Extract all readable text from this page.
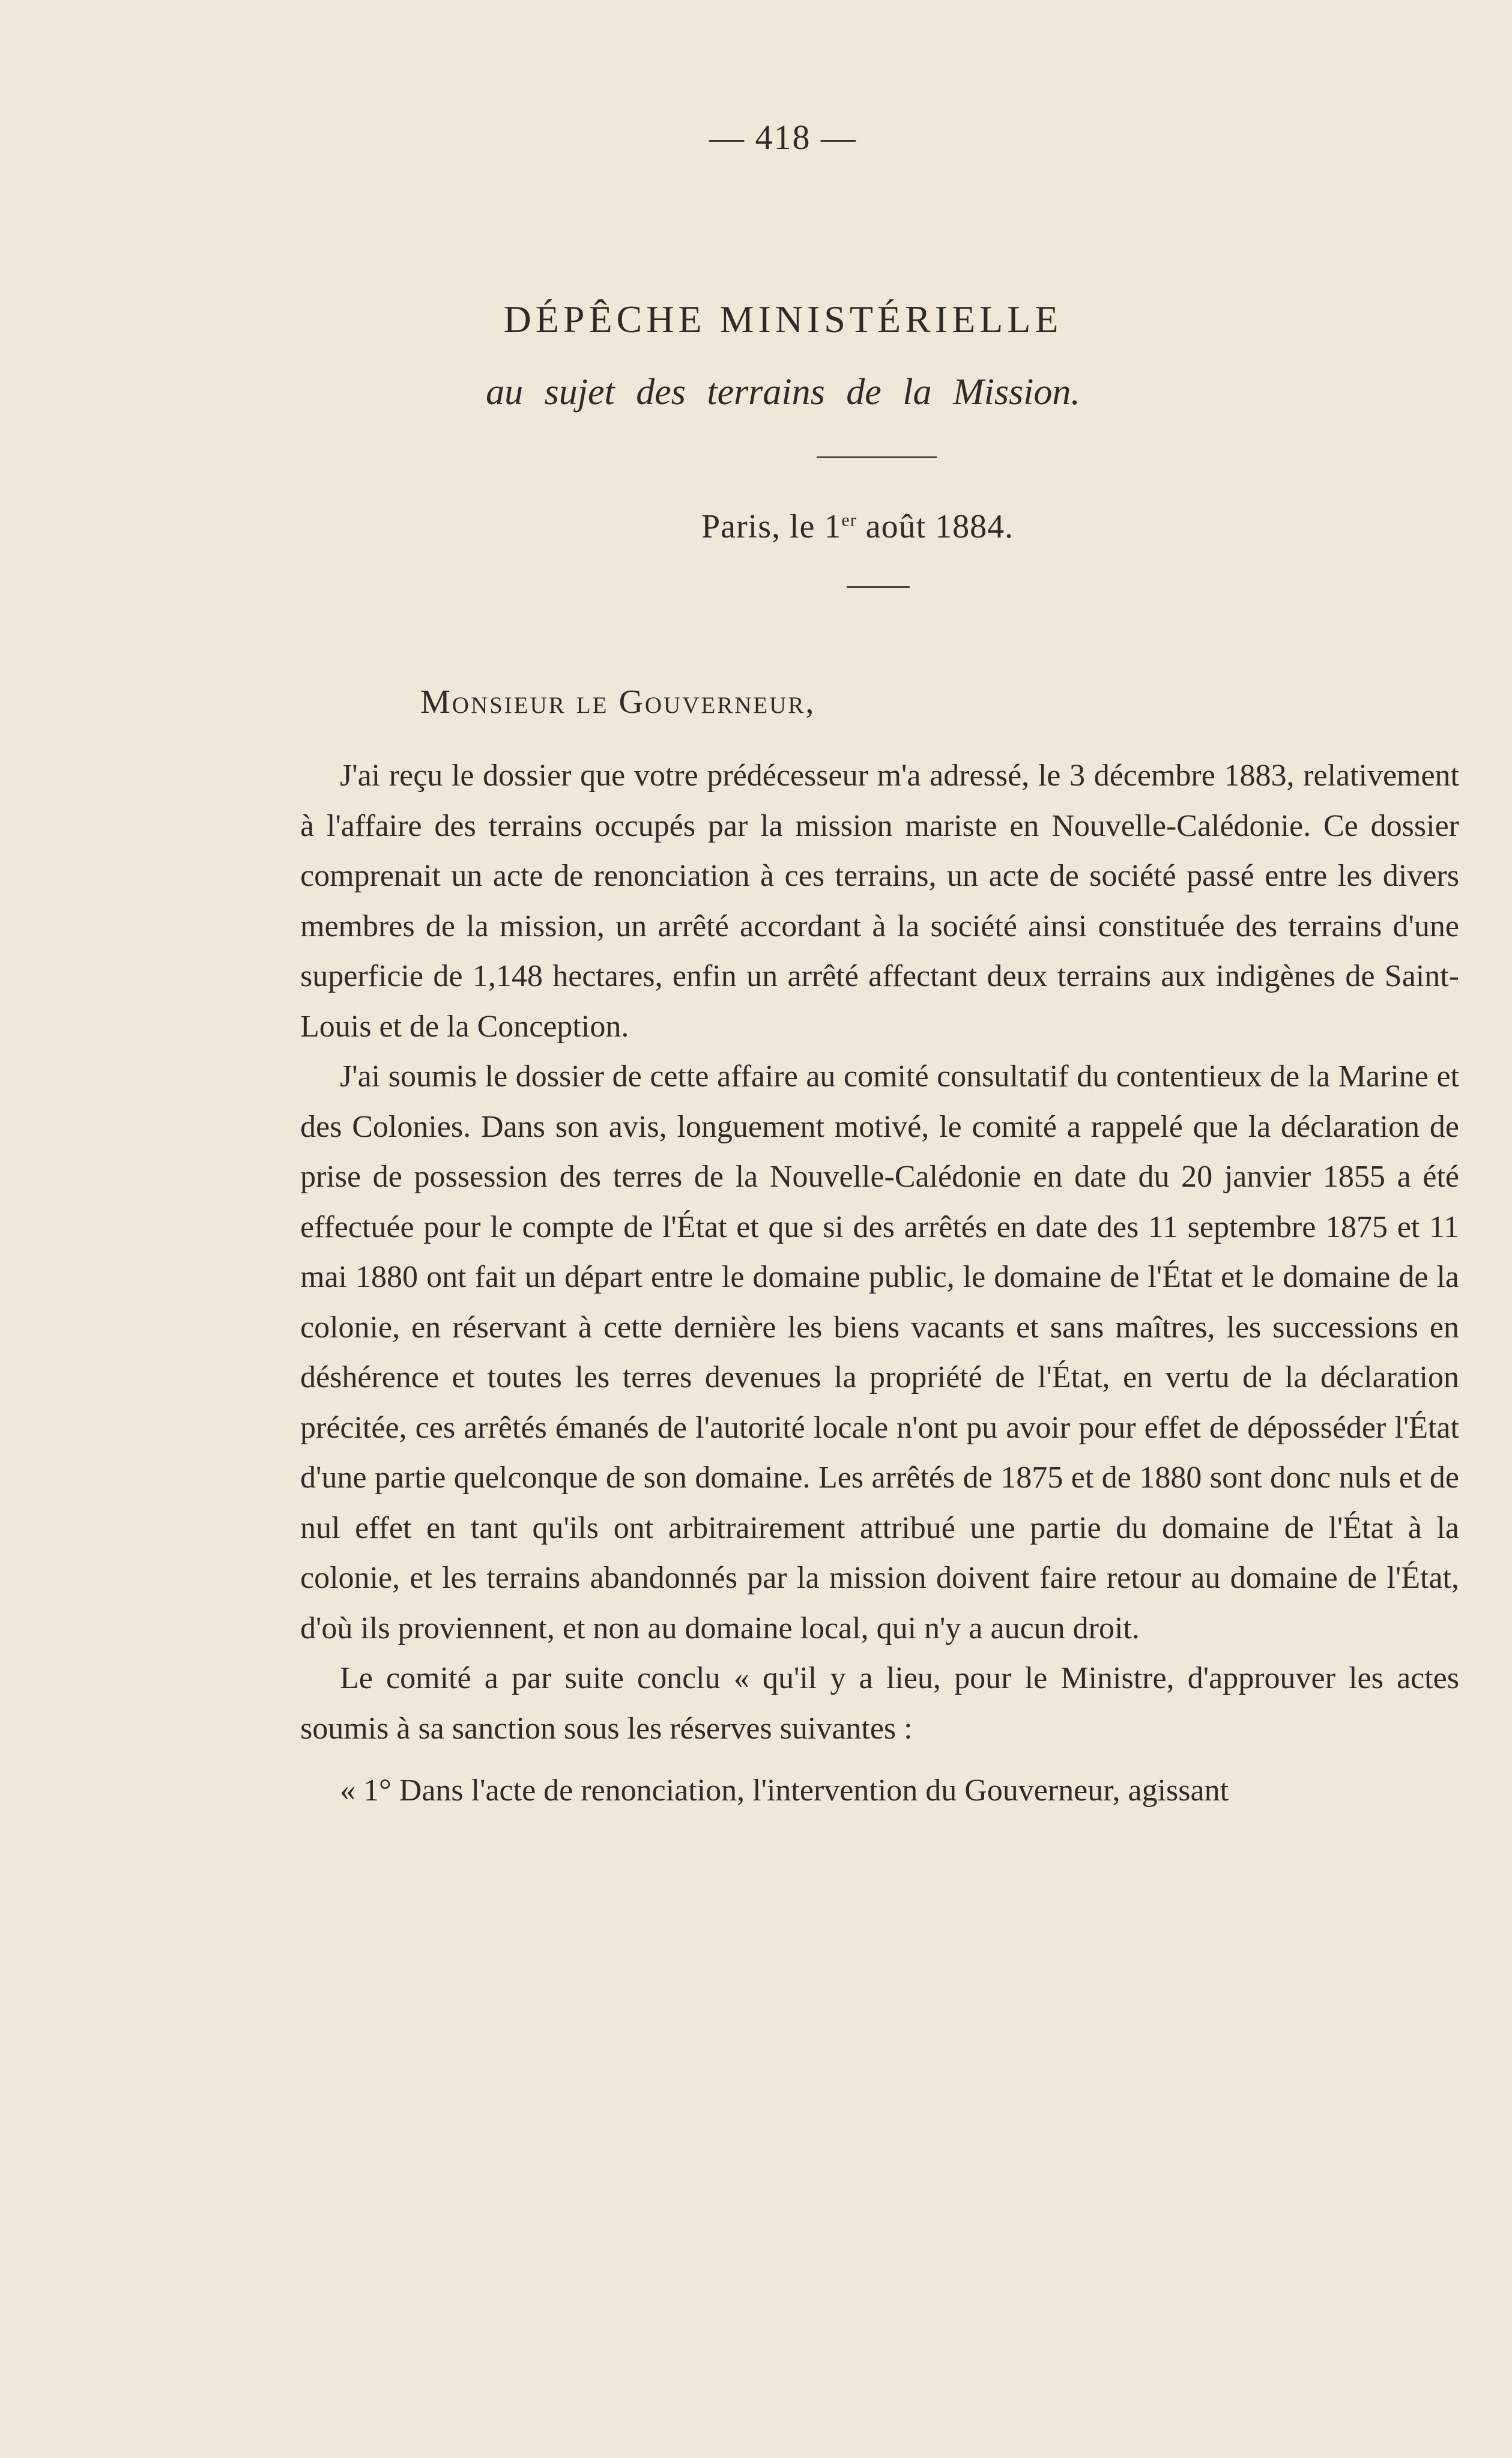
— 418 —
DÉPÊCHE MINISTÉRIELLE
au sujet des terrains de la Mission.
Paris, le 1er août 1884.
Monsieur le Gouverneur,

J'ai reçu le dossier que votre prédécesseur m'a adressé, le 3 décembre 1883, relativement à l'affaire des terrains occupés par la mission mariste en Nouvelle-Calédonie. Ce dossier comprenait un acte de renonciation à ces terrains, un acte de société passé entre les divers membres de la mission, un arrêté accordant à la société ainsi constituée des terrains d'une superficie de 1,148 hectares, enfin un arrêté affectant deux terrains aux indigènes de Saint-Louis et de la Conception.

J'ai soumis le dossier de cette affaire au comité consultatif du contentieux de la Marine et des Colonies. Dans son avis, longuement motivé, le comité a rappelé que la déclaration de prise de possession des terres de la Nouvelle-Calédonie en date du 20 janvier 1855 a été effectuée pour le compte de l'État et que si des arrêtés en date des 11 septembre 1875 et 11 mai 1880 ont fait un départ entre le domaine public, le domaine de l'État et le domaine de la colonie, en réservant à cette dernière les biens vacants et sans maîtres, les successions en déshérence et toutes les terres devenues la propriété de l'État, en vertu de la déclaration précitée, ces arrêtés émanés de l'autorité locale n'ont pu avoir pour effet de déposséder l'État d'une partie quelconque de son domaine. Les arrêtés de 1875 et de 1880 sont donc nuls et de nul effet en tant qu'ils ont arbitrairement attribué une partie du domaine de l'État à la colonie, et les terrains abandonnés par la mission doivent faire retour au domaine de l'État, d'où ils proviennent, et non au domaine local, qui n'y a aucun droit.

Le comité a par suite conclu « qu'il y a lieu, pour le Ministre, d'approuver les actes soumis à sa sanction sous les réserves suivantes :

« 1° Dans l'acte de renonciation, l'intervention du Gouverneur, agissant
